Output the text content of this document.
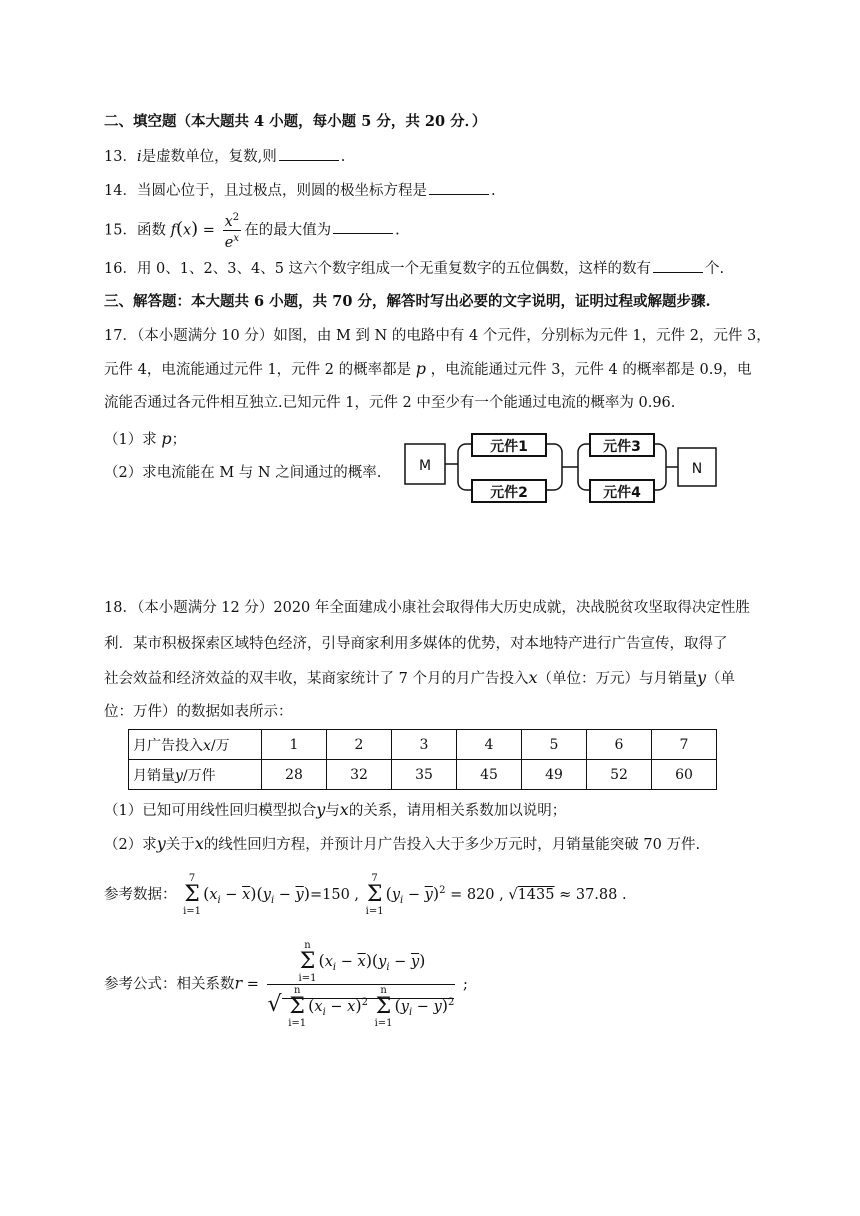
二、填空题（本大题共 4 小题，每小题 5 分，共 20 分．）
13．i是虚数单位，复数,则	.
14．当圆心位于，且过极点，则圆的极坐标方程是	.
15．函数 $f(x) = \frac{x^2}{e^x}$ 在的最大值为	.
16．用 0、1、2、3、4、5 这六个数字组成一个无重复数字的五位偶数，这样的数有	个.
三、解答题：本大题共 6 小题，共 70 分，解答时写出必要的文字说明，证明过程或解题步骤.
17．（本小题满分 10 分）如图，由 M 到 N 的电路中有 4 个元件，分别标为元件 1，元件 2，元件 3，
元件 4，电流能通过元件 1，元件 2 的概率都是 p ，电流能通过元件 3，元件 4 的概率都是 0.9，电
流能否通过各元件相互独立.已知元件 1，元件 2 中至少有一个能通过电流的概率为 0.96.
（1）求 p；
（2）求电流能在 M 与 N 之间通过的概率.	M	N
元件1
元件2
元件3
元件4
18．（本小题满分 12 分）2020 年全面建成小康社会取得伟大历史成就，决战脱贫攻坚取得决定性胜
利．某市积极探索区域特色经济，引导商家利用多媒体的优势，对本地特产进行广告宣传，取得了
社会效益和经济效益的双丰收，某商家统计了 7 个月的月广告投入x（单位：万元）与月销量y（单
位：万件）的数据如表所示：
月广告投入x/万	1	2	3	4	5	6	7
月销量y/万件	28	32	35	45	49	52	60
（1）已知可用线性回归模型拟合y与x的关系，请用相关系数加以说明；
（2）求y关于x的线性回归方程，并预计月广告投入大于多少万元时，月销量能突破 70 万件.
参考数据： 7
Σ
$i=1(x_i - \overline{x})(y_i - \overline{y})=150$ , 7
Σ
$i=1(y_i - \overline{y})^2 = 820$ , √1435 ≈ 37.88 .
参考公式：相关系数r = n
Σ
$i=1(x_i - \overline{x})(y_i - \overline{y})$
√ n
Σ
$i=1(x_i - \overline{x})^2$ n
Σ
$i=1(y_i - \overline{y})^2$ ;
